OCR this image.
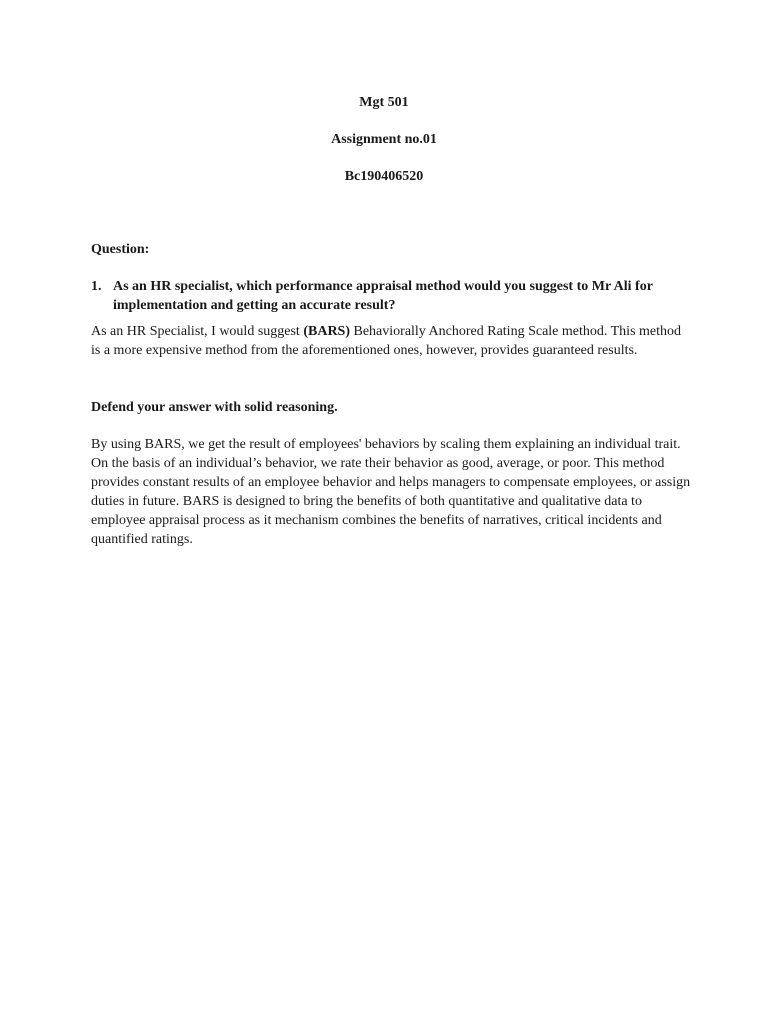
Mgt 501
Assignment no.01
Bc190406520
Question:
1. As an HR specialist, which performance appraisal method would you suggest to Mr Ali for implementation and getting an accurate result?
As an HR Specialist, I would suggest (BARS) Behaviorally Anchored Rating Scale method. This method is a more expensive method from the aforementioned ones, however, provides guaranteed results.
Defend your answer with solid reasoning.
By using BARS, we get the result of employees' behaviors by scaling them explaining an individual trait. On the basis of an individual’s behavior, we rate their behavior as good, average, or poor. This method provides constant results of an employee behavior and helps managers to compensate employees, or assign duties in future. BARS is designed to bring the benefits of both quantitative and qualitative data to employee appraisal process as it mechanism combines the benefits of narratives, critical incidents and quantified ratings.
